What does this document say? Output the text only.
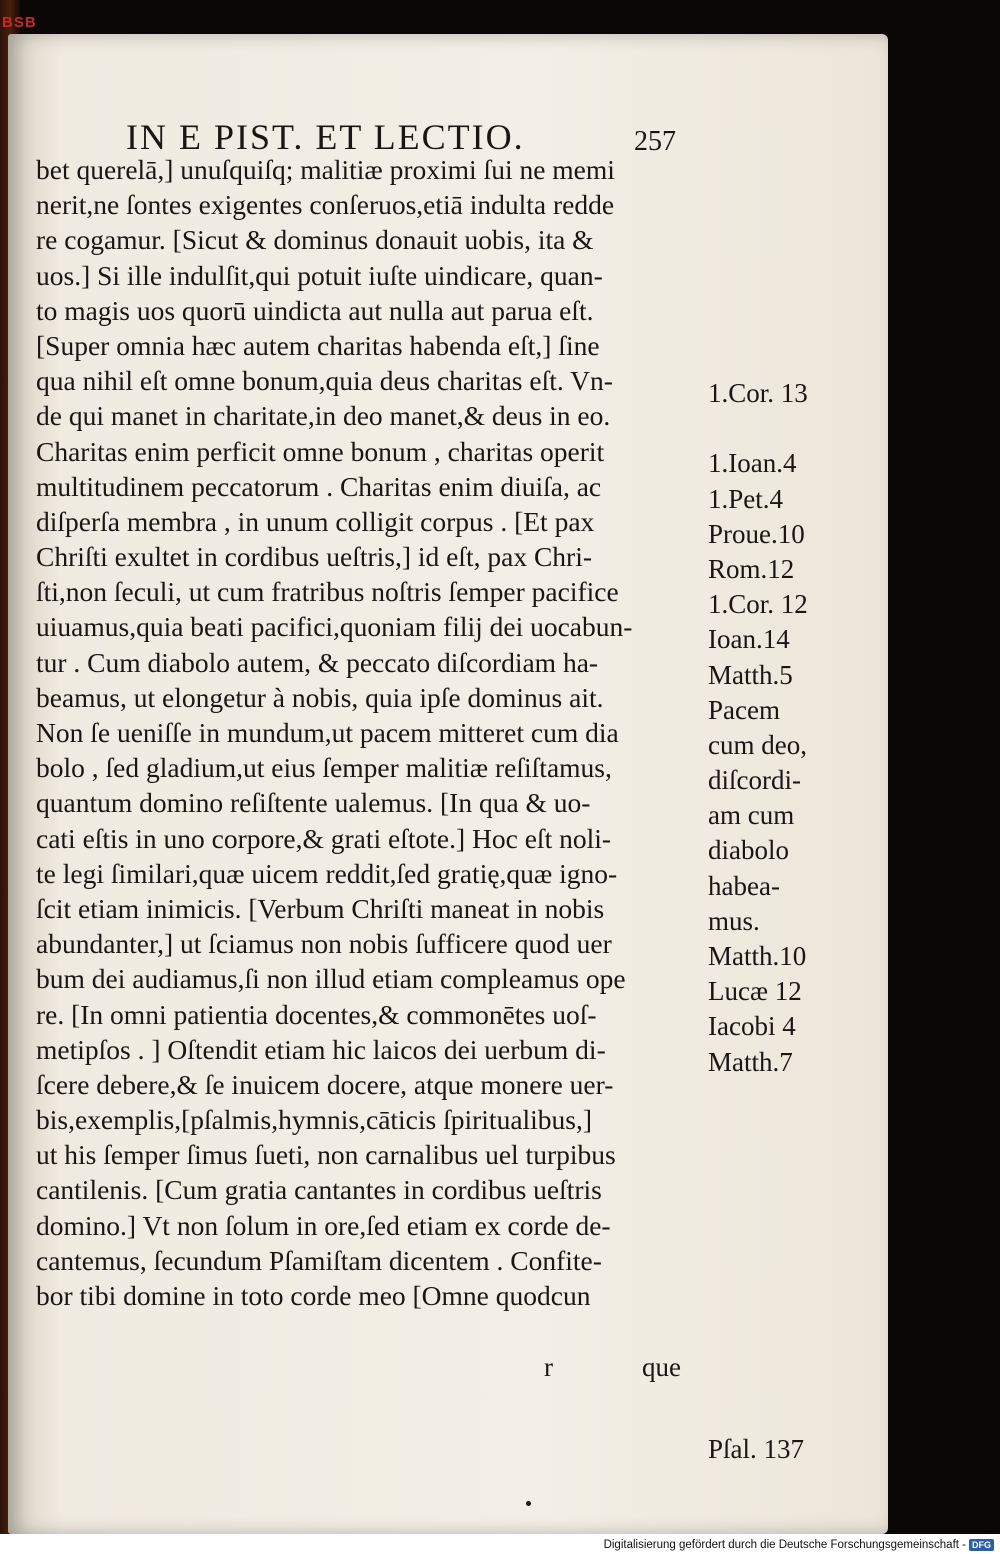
BSB
IN E PIST. ET LECTIO.	257
bet querelā,] unuſquiſq; malitiæ proximi ſui ne memi
nerit,ne ſontes exigentes conſeruos,etiā indulta redde
re cogamur. [Sicut & dominus donauit uobis, ita &
uos.] Si ille indulſit,qui potuit iuſte uindicare, quan-
to magis uos quorū uindicta aut nulla aut parua eſt.
[Super omnia hæc autem charitas habenda eſt,] ſine
qua nihil eſt omne bonum,quia deus charitas eſt. Vn-
de qui manet in charitate,in deo manet,& deus in eo.
Charitas enim perficit omne bonum , charitas operit
multitudinem peccatorum . Charitas enim diuiſa, ac
diſperſa membra , in unum colligit corpus . [Et pax
Chriſti exultet in cordibus ueſtris,] id eſt, pax Chri-
ſti,non ſeculi, ut cum fratribus noſtris ſemper pacifice
uiuamus,quia beati pacifici,quoniam filij dei uocabun-
tur . Cum diabolo autem, & peccato diſcordiam ha-
beamus, ut elongetur à nobis, quia ipſe dominus ait.
Non ſe ueniſſe in mundum,ut pacem mitteret cum dia
bolo , ſed gladium,ut eius ſemper malitiæ reſiſtamus,
quantum domino reſiſtente ualemus. [In qua & uo-
cati eſtis in uno corpore,& grati eſtote.] Hoc eſt noli-
te legi ſimilari,quæ uicem reddit,ſed gratię,quæ igno-
ſcit etiam inimicis. [Verbum Chriſti maneat in nobis
abundanter,] ut ſciamus non nobis ſufficere quod uer
bum dei audiamus,ſi non illud etiam compleamus ope
re. [In omni patientia docentes,& commonētes uoſ-
metipſos . ] Oſtendit etiam hic laicos dei uerbum di-
ſcere debere,& ſe inuicem docere, atque monere uer-
bis,exemplis,[pſalmis,hymnis,cāticis ſpiritualibus,]
ut his ſemper ſimus ſueti, non carnalibus uel turpibus
cantilenis. [Cum gratia cantantes in cordibus ueſtris
domino.] Vt non ſolum in ore,ſed etiam ex corde de-
cantemus, ſecundum Pſamiſtam dicentem . Confite-
bor tibi domine in toto corde meo [Omne quodcun
1.Cor. 13
1.Ioan.4
1.Pet.4
Proue.10
Rom.12
1.Cor. 12
Ioan.14
Matth.5
Pacem
cum deo,
diſcordi-
am cum
diabolo
habea-
mus.
Matth.10
Lucæ 12
Iacobi 4
Matth.7
Pſal. 137
r	que
Digitalisierung gefördert durch die Deutsche Forschungsgemeinschaft - DFG
